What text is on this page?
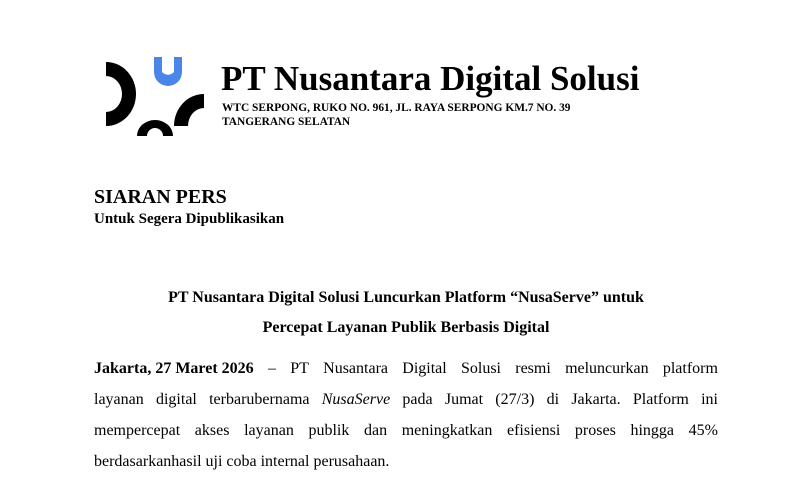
PT Nusantara Digital Solusi
WTC SERPONG, RUKO NO. 961, JL. RAYA SERPONG KM.7 NO. 39
TANGERANG SELATAN
SIARAN PERS
Untuk Segera Dipublikasikan
PT Nusantara Digital Solusi Luncurkan Platform “NusaServe” untuk
Percepat Layanan Publik Berbasis Digital
Jakarta, 27 Maret 2026 – PT Nusantara Digital Solusi resmi meluncurkan platform
layanan digital terbarubernama NusaServe pada Jumat (27/3) di Jakarta. Platform ini
mempercepat akses layanan publik dan meningkatkan efisiensi proses hingga 45%
berdasarkanhasil uji coba internal perusahaan.
